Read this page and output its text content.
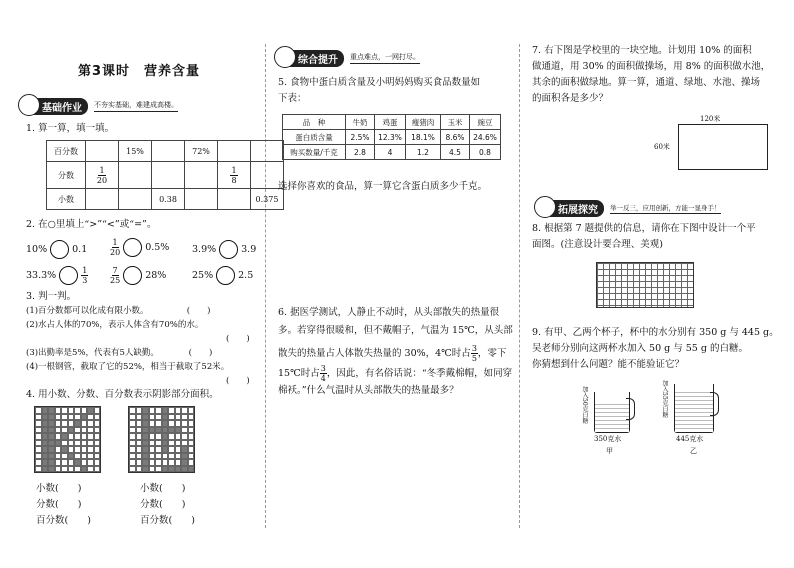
第3课时　营养含量
✎ 基础作业	不夯实基础，难建成高楼。
1. 算一算，填一填。
百分数		15%		72%		
分数	$\frac{1}{20}$				$\frac{1}{8}$

小数			0.38			0.375
2. 在○里填上“>”“<”或“=”。
10%	0.1	$\frac{1}{20}$	0.5% 3.9%	3.9
33.3%	$\frac{1}{3}$	$\frac{7}{25}$	28%	25%	2.5
3. 判一判。
(1)百分数都可以化成有限小数。　　　　　(　　)
(2)水占人体的70%，表示人体含有70%的水。
(　　)
(3)出勤率是5%，代表有5人缺勤。　　　　(　　)
(4)一根钢管，截取了它的52%，相当于截取了52米。
(　　)
4. 用小数、分数、百分数表示阴影部分面积。
小数(　　)
分数(　　)
百分数(　　)
小数(　　)
分数(　　)
百分数(　　)
☺ 综合提升	重点难点，一网打尽。
5. 食物中蛋白质含量及小明妈妈购买食品数量如
下表：
品　种	牛奶	鸡蛋	瘦猪肉	玉米	豌豆
蛋白质含量	2.5%	12.3%	18.1%	8.6%	24.6%
购买数量/千克	2.8	4	1.2	4.5	0.8
选择你喜欢的食品，算一算它含蛋白质多少千克。
6. 据医学测试，人静止不动时，从头部散失的热量很
多。若穿得很暖和，但不戴帽子，气温为 15℃，从头部
散失的热量占人体散失热量的 30%，4℃时占 $\frac{3}{5}$ ，零下
15℃时占 $\frac{3}{4}$ ，因此，有名俗话说：“冬季戴棉帽，如同穿
棉袄。”什么气温时从头部散失的热量最多？
7. 右下图是学校里的一块空地。计划用 10% 的面积
做通道，用 30% 的面积做操场，用 8% 的面积做水池，
其余的面积做绿地。算一算，通道、绿地、水池、操场
的面积各是多少？
120米
60米
❀ 拓展探究	举一反三，应用创新，方能一显身手！
8. 根据第 7 题提供的信息，请你在下图中设计一个平
面图。(注意设计要合理、美观)
9. 有甲、乙两个杯子，杯中的水分别有 350 g 与 445 g。
吴老师分别向这两杯水加入 50 g 与 55 g 的白糖。
你猜想到什么问题？能不能验证它？
加入50克白糖
350克水
甲
加入55克白糖
445克水
乙
